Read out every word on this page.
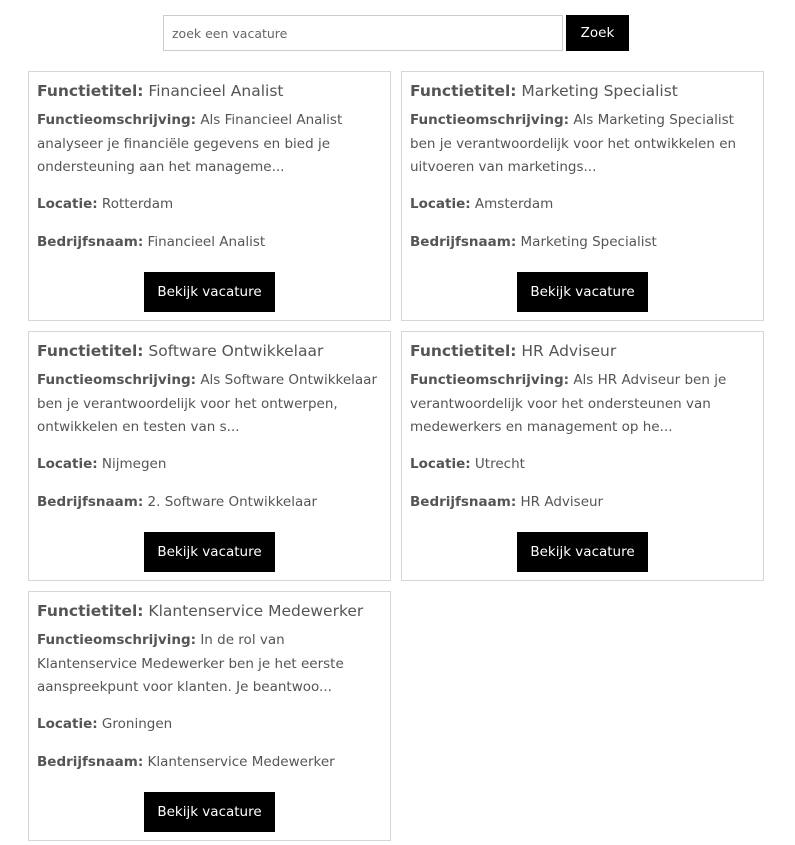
zoek een vacature
Zoek
Functietitel: Financieel Analist
Functieomschrijving: Als Financieel Analist analyseer je financiële gegevens en bied je ondersteuning aan het manageme...
Locatie: Rotterdam
Bedrijfsnaam: Financieel Analist
Bekijk vacature
Functietitel: Marketing Specialist
Functieomschrijving: Als Marketing Specialist ben je verantwoordelijk voor het ontwikkelen en uitvoeren van marketings...
Locatie: Amsterdam
Bedrijfsnaam: Marketing Specialist
Bekijk vacature
Functietitel: Software Ontwikkelaar
Functieomschrijving: Als Software Ontwikkelaar ben je verantwoordelijk voor het ontwerpen, ontwikkelen en testen van s...
Locatie: Nijmegen
Bedrijfsnaam: 2. Software Ontwikkelaar
Bekijk vacature
Functietitel: HR Adviseur
Functieomschrijving: Als HR Adviseur ben je verantwoordelijk voor het ondersteunen van medewerkers en management op he...
Locatie: Utrecht
Bedrijfsnaam: HR Adviseur
Bekijk vacature
Functietitel: Klantenservice Medewerker
Functieomschrijving: In de rol van Klantenservice Medewerker ben je het eerste aanspreekpunt voor klanten. Je beantwoo...
Locatie: Groningen
Bedrijfsnaam: Klantenservice Medewerker
Bekijk vacature
